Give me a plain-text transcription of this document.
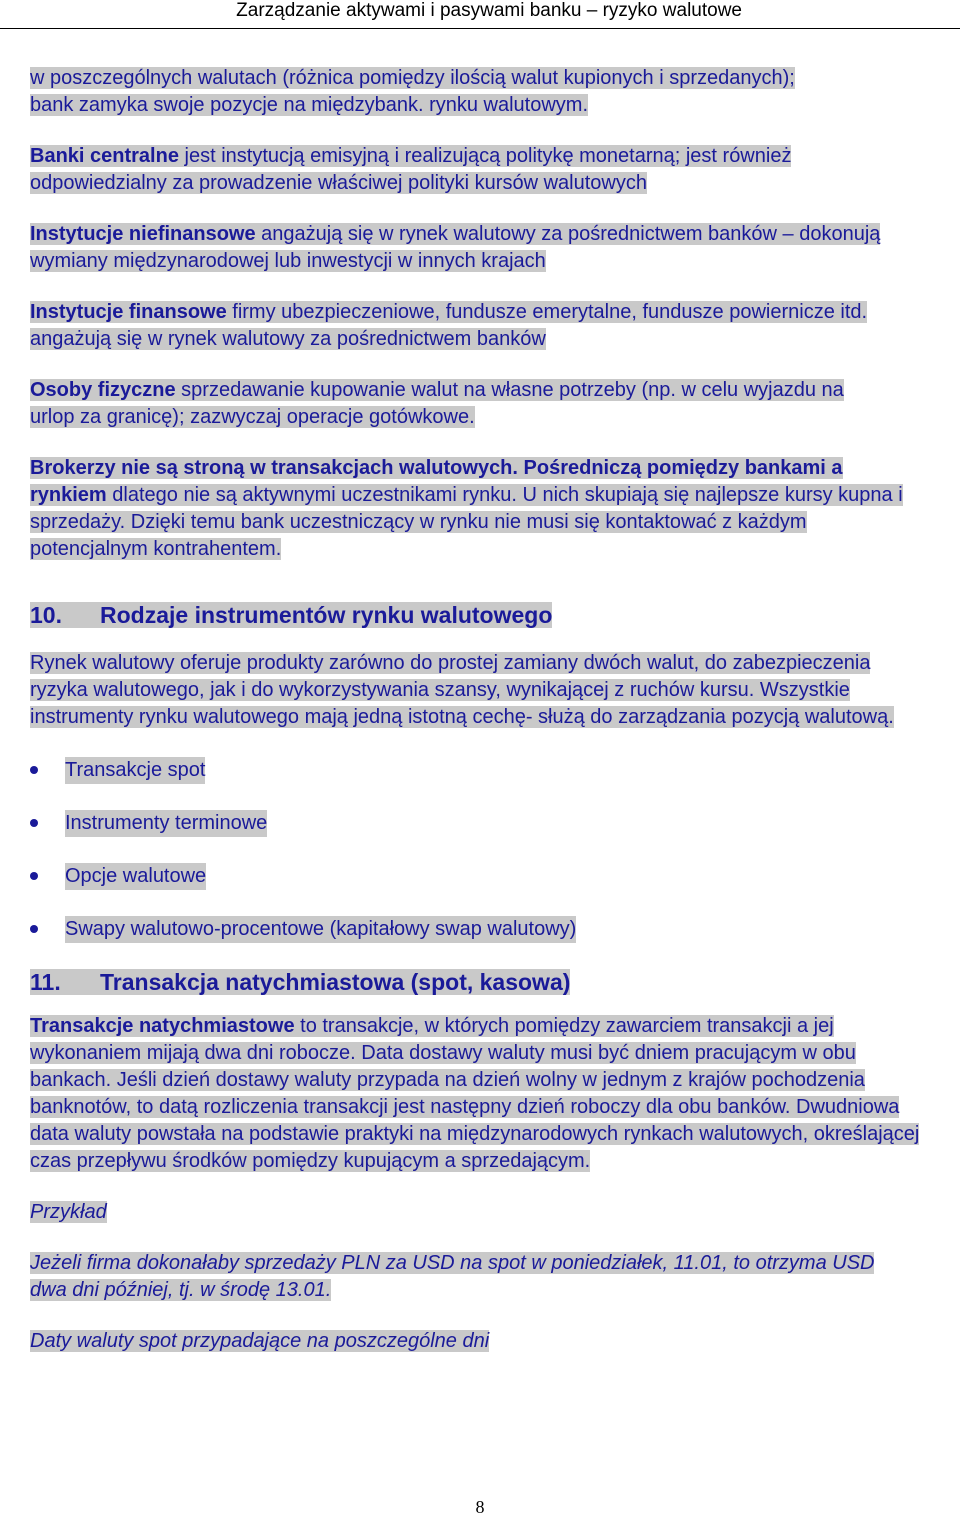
Zarządzanie aktywami i pasywami banku – ryzyko walutowe

w poszczególnych walutach (różnica pomiędzy ilością walut kupionych i sprzedanych); bank zamyka swoje pozycje na międzybank. rynku walutowym.

Banki centralne jest instytucją emisyjną i realizującą politykę monetarną; jest również odpowiedzialny za prowadzenie właściwej polityki kursów walutowych

Instytucje niefinansowe angażują się w rynek walutowy za pośrednictwem banków – dokonują wymiany międzynarodowej lub inwestycji w innych krajach

Instytucje finansowe firmy ubezpieczeniowe, fundusze emerytalne, fundusze powiernicze itd. angażują się w rynek walutowy za pośrednictwem banków

Osoby fizyczne sprzedawanie kupowanie walut na własne potrzeby (np. w celu wyjazdu na urlop za granicę); zazwyczaj operacje gotówkowe.

Brokerzy nie są stroną w transakcjach walutowych. Pośredniczą pomiędzy bankami a rynkiem dlatego nie są aktywnymi uczestnikami rynku. U nich skupiają się najlepsze kursy kupna i sprzedaży. Dzięki temu bank uczestniczący w rynku nie musi się kontaktować z każdym potencjalnym kontrahentem.

10. Rodzaje instrumentów rynku walutowego

Rynek walutowy oferuje produkty zarówno do prostej zamiany dwóch walut, do zabezpieczenia ryzyka walutowego, jak i do wykorzystywania szansy, wynikającej z ruchów kursu. Wszystkie instrumenty rynku walutowego mają jedną istotną cechę- służą do zarządzania pozycją walutową.

Transakcje spot
Instrumenty terminowe
Opcje walutowe
Swapy walutowo-procentowe (kapitałowy swap walutowy)
11. Transakcja natychmiastowa (spot, kasowa)

Transakcje natychmiastowe to transakcje, w których pomiędzy zawarciem transakcji a jej wykonaniem mijają dwa dni robocze. Data dostawy waluty musi być dniem pracującym w obu bankach. Jeśli dzień dostawy waluty przypada na dzień wolny w jednym z krajów pochodzenia banknotów, to datą rozliczenia transakcji jest następny dzień roboczy dla obu banków. Dwudniowa data waluty powstała na podstawie praktyki na międzynarodowych rynkach walutowych, określającej czas przepływu środków pomiędzy kupującym a sprzedającym.

Przykład

Jeżeli firma dokonałaby sprzedaży PLN za USD na spot w poniedziałek, 11.01, to otrzyma USD dwa dni później, tj. w środę 13.01.

Daty waluty spot przypadające na poszczególne dni

8
